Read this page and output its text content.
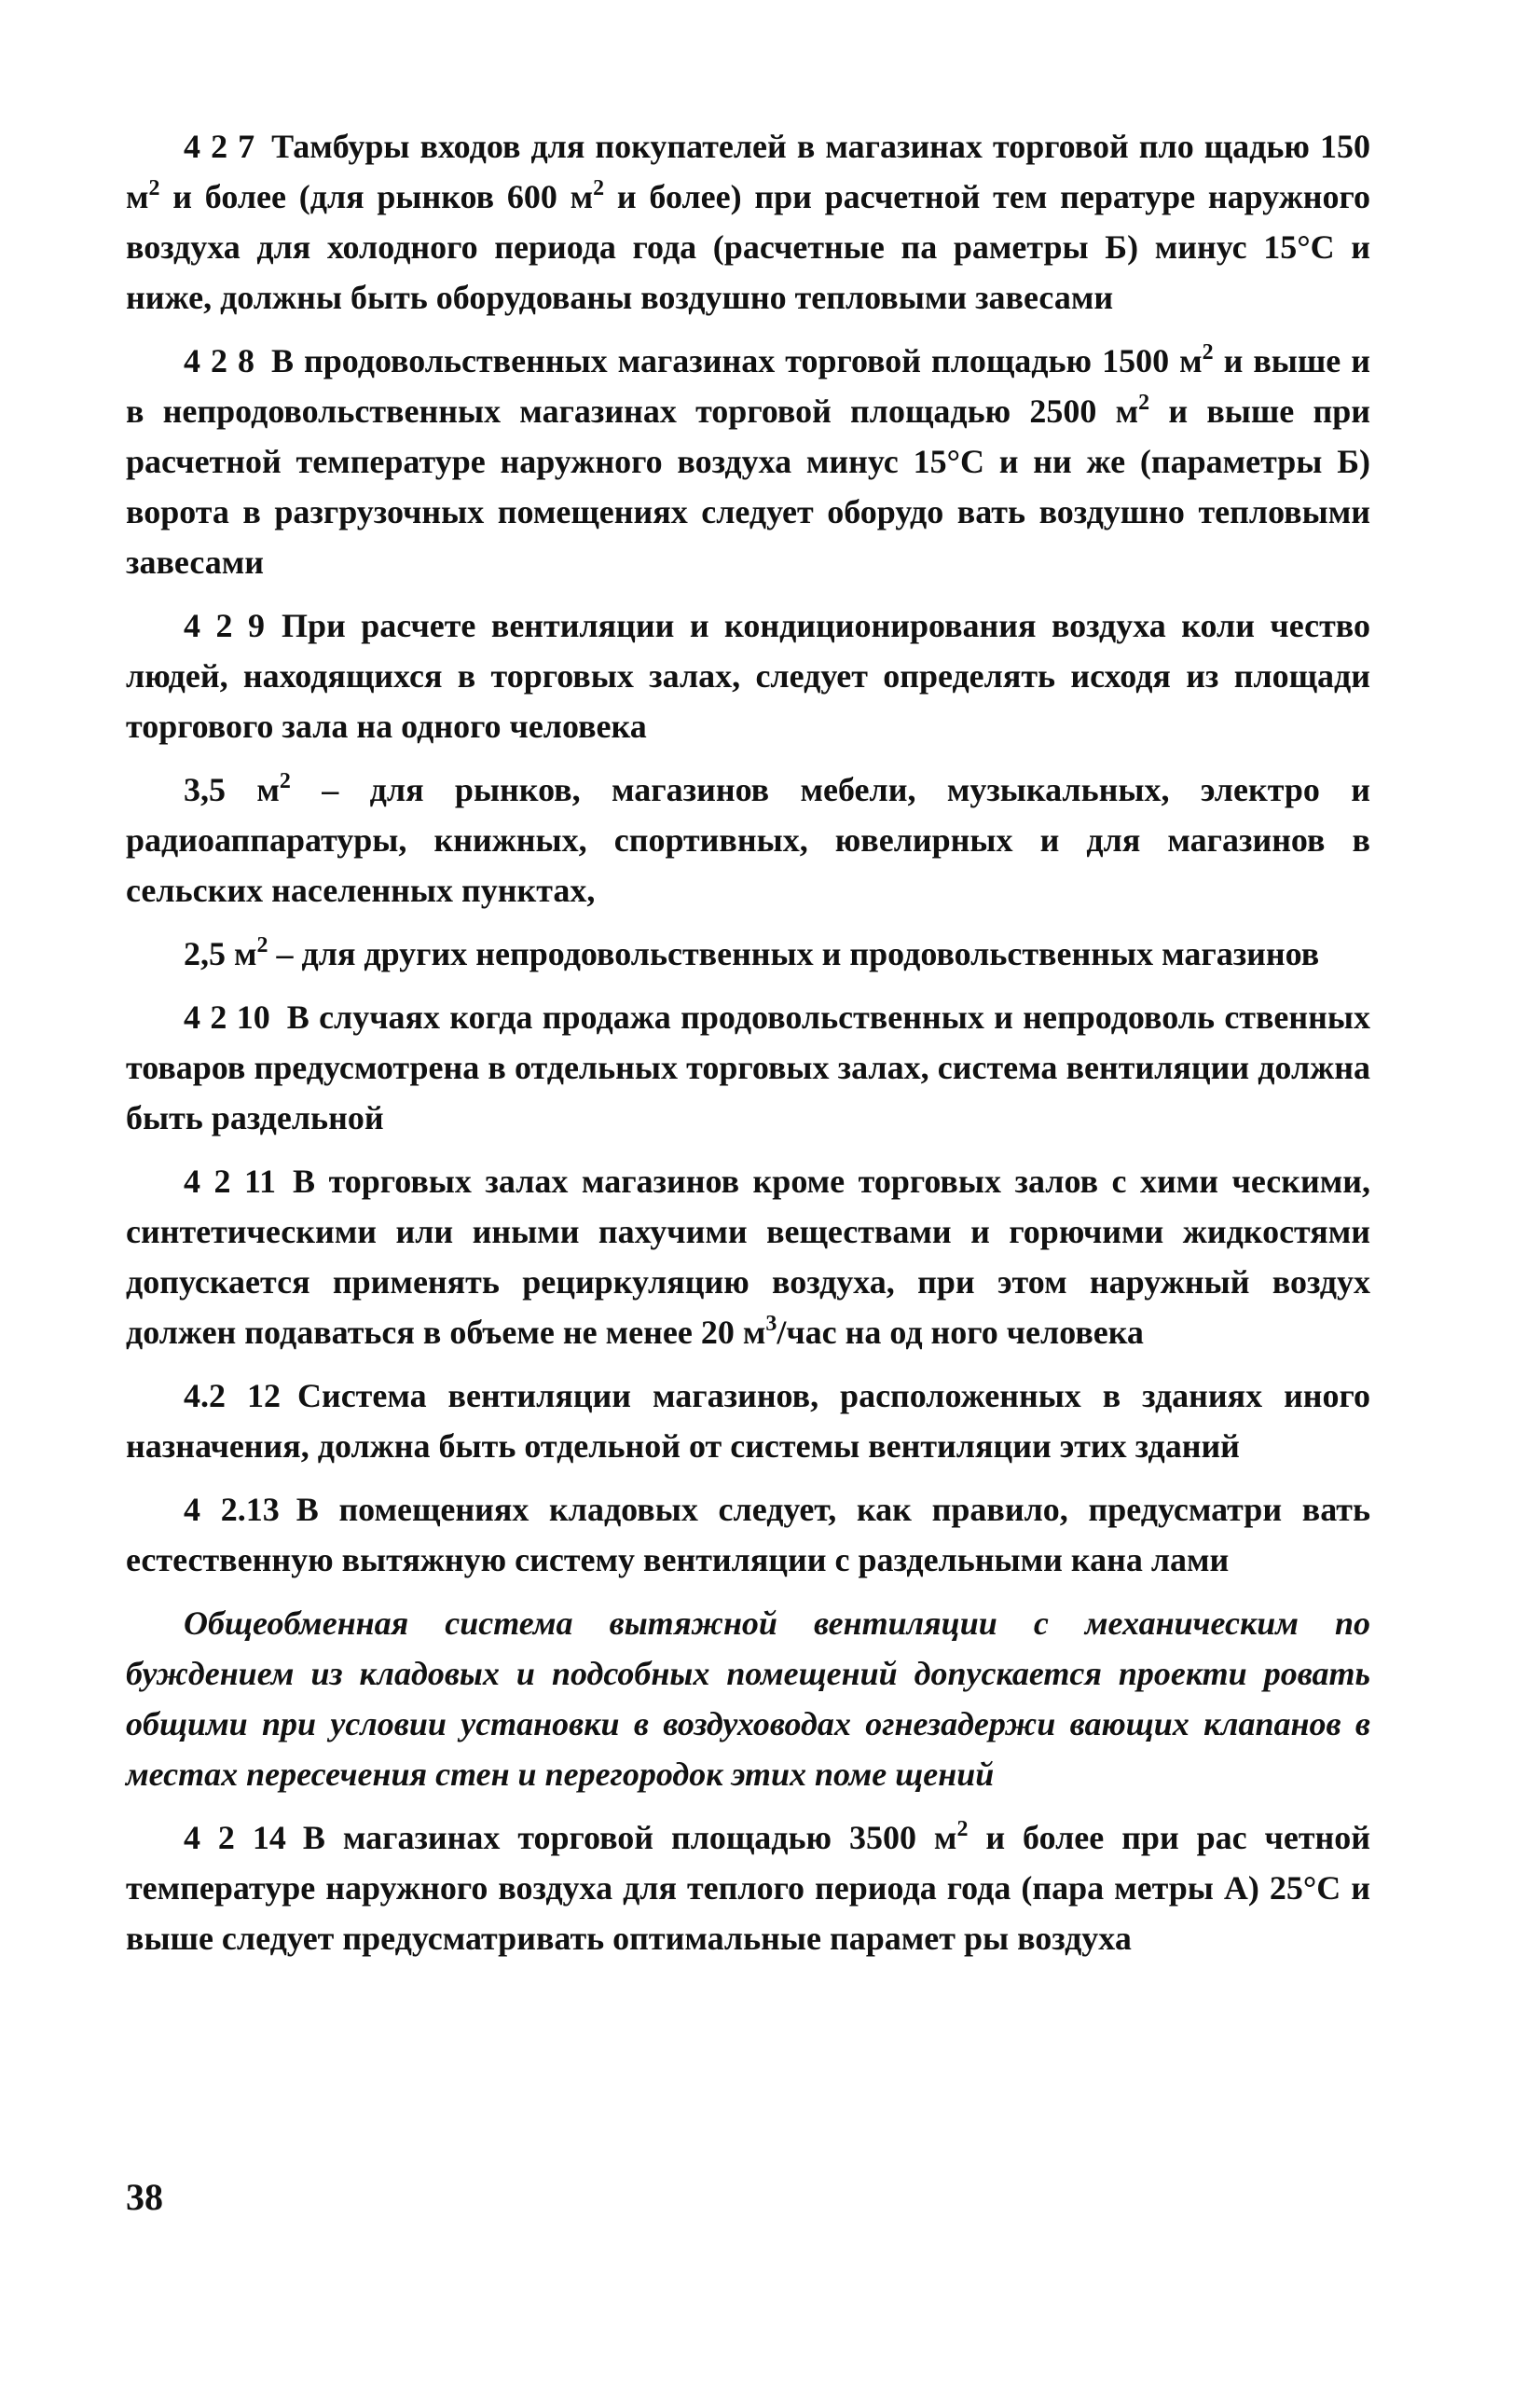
4 2 7 Тамбуры входов для покупателей в магазинах торговой пло щадью 150 $м^2$ и более (для рынков 600 $м^2$ и более) при расчетной тем пературе наружного воздуха для холодного периода года (расчетные па раметры Б) минус 15°С и ниже, должны быть оборудованы воздушно тепловыми завесами

4 2 8 В продовольственных магазинах торговой площадью 1500 $м^2$ и выше и в непродовольственных магазинах торговой площадью 2500 $м^2$ и выше при расчетной температуре наружного воздуха минус 15°С и ни же (параметры Б) ворота в разгрузочных помещениях следует оборудо вать воздушно тепловыми завесами

4 2 9 При расчете вентиляции и кондиционирования воздуха коли чество людей, находящихся в торговых залах, следует определять исходя из площади торгового зала на одного человека

3,5 $м^2$ – для рынков, магазинов мебели, музыкальных, электро и радиоаппаратуры, книжных, спортивных, ювелирных и для магазинов в сельских населенных пунктах,

2,5 $м^2$ – для других непродовольственных и продовольственных магазинов

4 2 10 В случаях когда продажа продовольственных и непродоволь ственных товаров предусмотрена в отдельных торговых залах, система вентиляции должна быть раздельной

4 2 11 В торговых залах магазинов кроме торговых залов с хими ческими, синтетическими или иными пахучими веществами и горючими жидкостями допускается применять рециркуляцию воздуха, при этом наружный воздух должен подаваться в объеме не менее 20 $м^3$/час на од ного человека

4.2 12 Система вентиляции магазинов, расположенных в зданиях иного назначения, должна быть отдельной от системы вентиляции этих зданий

4 2.13 В помещениях кладовых следует, как правило, предусматри вать естественную вытяжную систему вентиляции с раздельными кана лами

Общеобменная система вытяжной вентиляции с механическим по буждением из кладовых и подсобных помещений допускается проекти ровать общими при условии установки в воздуховодах огнезадержи вающих клапанов в местах пересечения стен и перегородок этих поме щений

4 2 14 В магазинах торговой площадью 3500 $м^2$ и более при рас четной температуре наружного воздуха для теплого периода года (пара метры А) 25°С и выше следует предусматривать оптимальные парамет ры воздуха

38
